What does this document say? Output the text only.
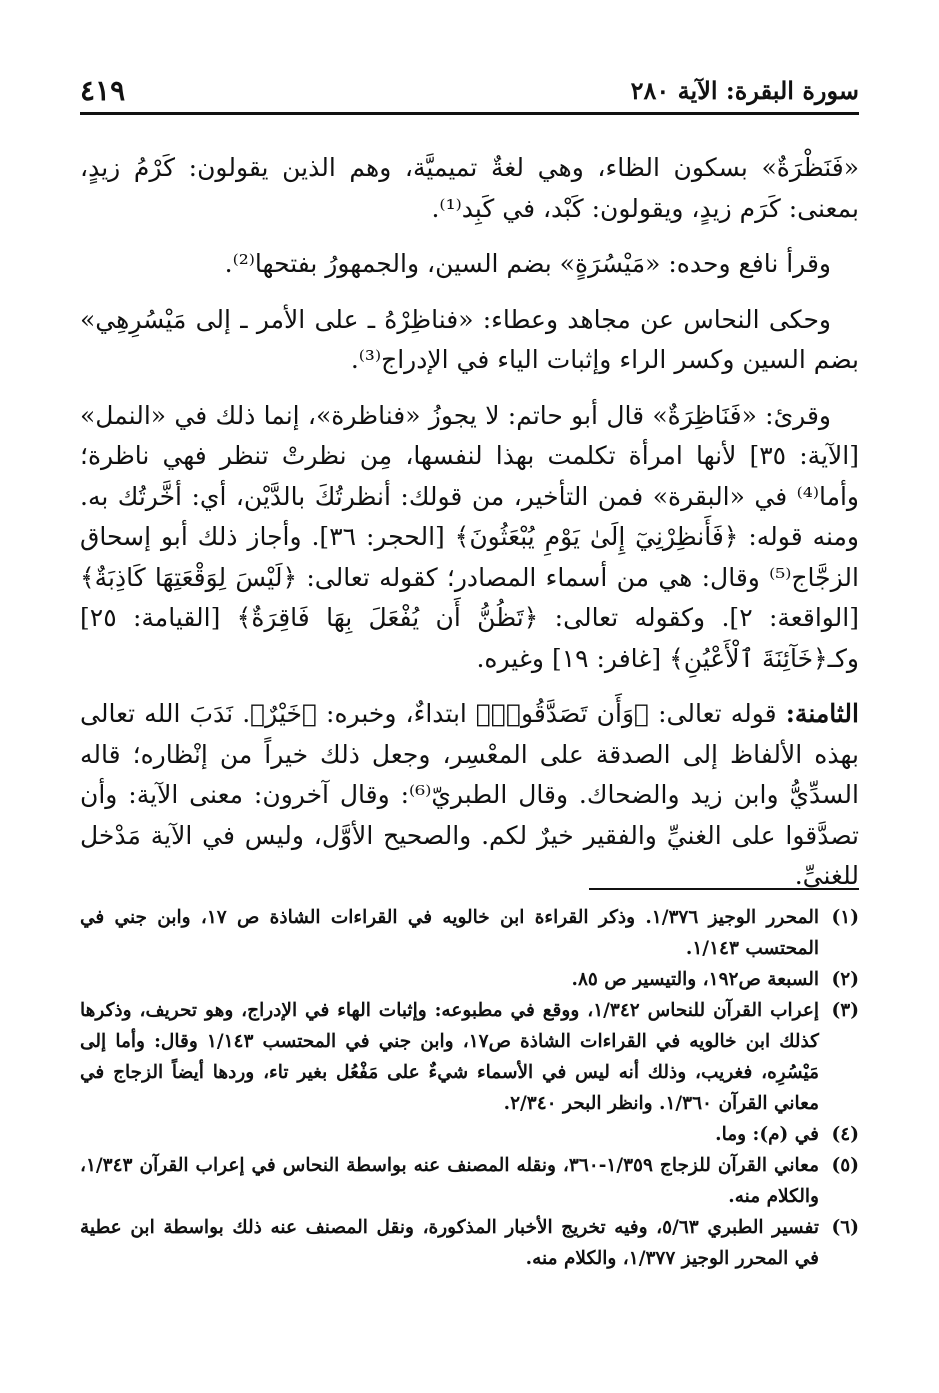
٤١٩	سورة البقرة: الآية ٢٨٠

«فَنَظْرَةٌ» بسكون الظاء، وهي لغةٌ تميميَّة، وهم الذين يقولون: كَرْمُ زيدٍ، بمعنى: كَرَم زيدٍ، ويقولون: كَبْد، في كَبِد⁽¹⁾.

وقرأ نافع وحده: «مَيْسُرَةٍ» بضم السين، والجمهورُ بفتحها⁽²⁾.

وحكى النحاس عن مجاهد وعطاء: «فناظِرْهُ ـ على الأمر ـ إلى مَيْسُرِهِي» بضم السين وكسر الراء وإثبات الياء في الإدراج⁽³⁾.

وقرئ: «فَنَاظِرَةٌ» قال أبو حاتم: لا يجوزُ «فناظرة»، إنما ذلك في «النمل» [الآية: ٣٥] لأنها امرأة تكلمت بهذا لنفسها، مِن نظرتْ تنظر فهي ناظرة؛ وأما⁽⁴⁾ في «البقرة» فمن التأخير، من قولك: أنظرتُكَ بالدَّيْن، أي: أخَّرتُك به. ومنه قوله: ﴿فَأَنظِرْنِيٓ إِلَىٰ يَوْمِ يُبْعَثُونَ﴾ [الحجر: ٣٦]. وأجاز ذلك أبو إسحاق الزجَّاج⁽⁵⁾ وقال: هي من أسماء المصادر؛ كقوله تعالى: ﴿لَيْسَ لِوَقْعَتِهَا كَاذِبَةٌ﴾ [الواقعة: ٢]. وكقوله تعالى: ﴿تَظُنُّ أَن يُفْعَلَ بِهَا فَاقِرَةٌ﴾ [القيامة: ٢٥] وكـ﴿خَآئِنَةَ ٱلْأَعْيُنِ﴾ [غافر: ١٩] وغيره.

الثامنة: قوله تعالى: ﴿وَأَن تَصَدَّقُوا۟﴾ ابتداءٌ، وخبره: ﴿خَيْرٌ﴾. نَدَبَ الله تعالى بهذه الألفاظ إلى الصدقة على المعْسِر، وجعل ذلك خيراً من إنْظاره؛ قاله السدِّيُّ وابن زيد والضحاك. وقال الطبريّ⁽⁶⁾: وقال آخرون: معنى الآية: وأن تصدَّقوا على الغنيِّ والفقير خيرٌ لكم. والصحيح الأوَّل، وليس في الآية مَدْخل للغنيِّ.

(١)
المحرر الوجيز ١/٣٧٦. وذكر القراءة ابن خالويه في القراءات الشاذة ص ١٧، وابن جني في المحتسب ١/١٤٣.
(٢)
السبعة ص١٩٢، والتيسير ص ٨٥.
(٣)
إعراب القرآن للنحاس ١/٣٤٢، ووقع في مطبوعه: وإثبات الهاء في الإدراج، وهو تحريف، وذكرها كذلك ابن خالويه في القراءات الشاذة ص١٧، وابن جني في المحتسب ١/١٤٣ وقال: وأما إلى مَيْسُرِه، فغريب، وذلك أنه ليس في الأسماء شيءٌ على مَفْعُل بغير تاء، وردها أيضاً الزجاج في معاني القرآن ١/٣٦٠. وانظر البحر ٢/٣٤٠.
(٤)
في (م): وما.
(٥)
معاني القرآن للزجاج ١/٣٥٩-٣٦٠، ونقله المصنف عنه بواسطة النحاس في إعراب القرآن ١/٣٤٣، والكلام منه.
(٦)
تفسير الطبري ٥/٦٣، وفيه تخريج الأخبار المذكورة، ونقل المصنف عنه ذلك بواسطة ابن عطية في المحرر الوجيز ١/٣٧٧، والكلام منه.
